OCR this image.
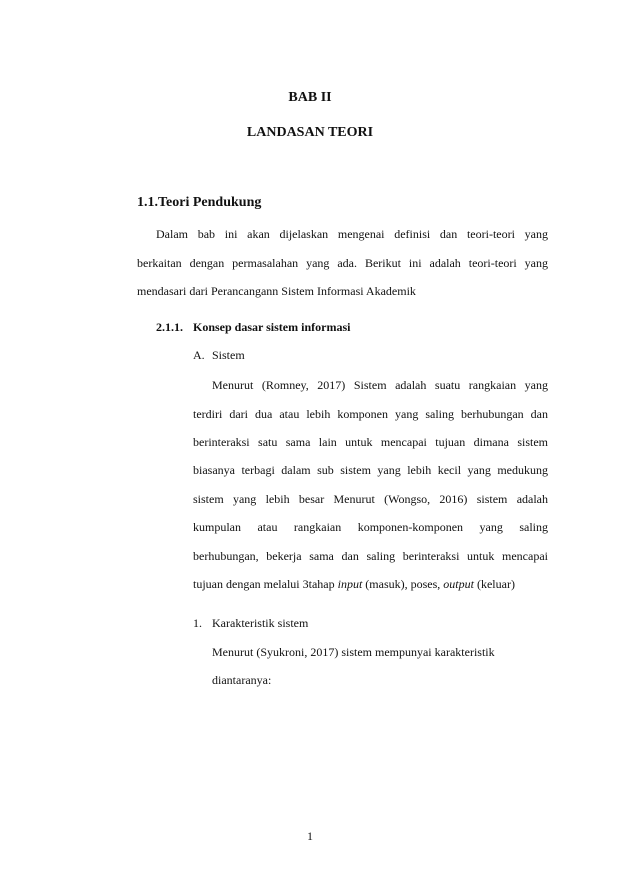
BAB II
LANDASAN TEORI
1.1.Teori Pendukung
Dalam bab ini akan dijelaskan mengenai definisi dan teori-teori yang
berkaitan dengan permasalahan yang ada. Berikut ini adalah teori-teori yang
mendasari dari Perancangann Sistem Informasi Akademik
2.1.1. Konsep dasar sistem informasi
A. Sistem
Menurut (Romney, 2017) Sistem adalah suatu rangkaian yang
terdiri dari dua atau lebih komponen yang saling berhubungan dan
berinteraksi satu sama lain untuk mencapai tujuan dimana sistem
biasanya terbagi dalam sub sistem yang lebih kecil yang medukung
sistem yang lebih besar Menurut (Wongso, 2016) sistem adalah
kumpulan atau rangkaian komponen-komponen yang saling
berhubungan, bekerja sama dan saling berinteraksi untuk mencapai
tujuan dengan melalui 3tahap input (masuk), poses, output (keluar)
1. Karakteristik sistem
Menurut (Syukroni, 2017) sistem mempunyai karakteristik
diantaranya:
1
